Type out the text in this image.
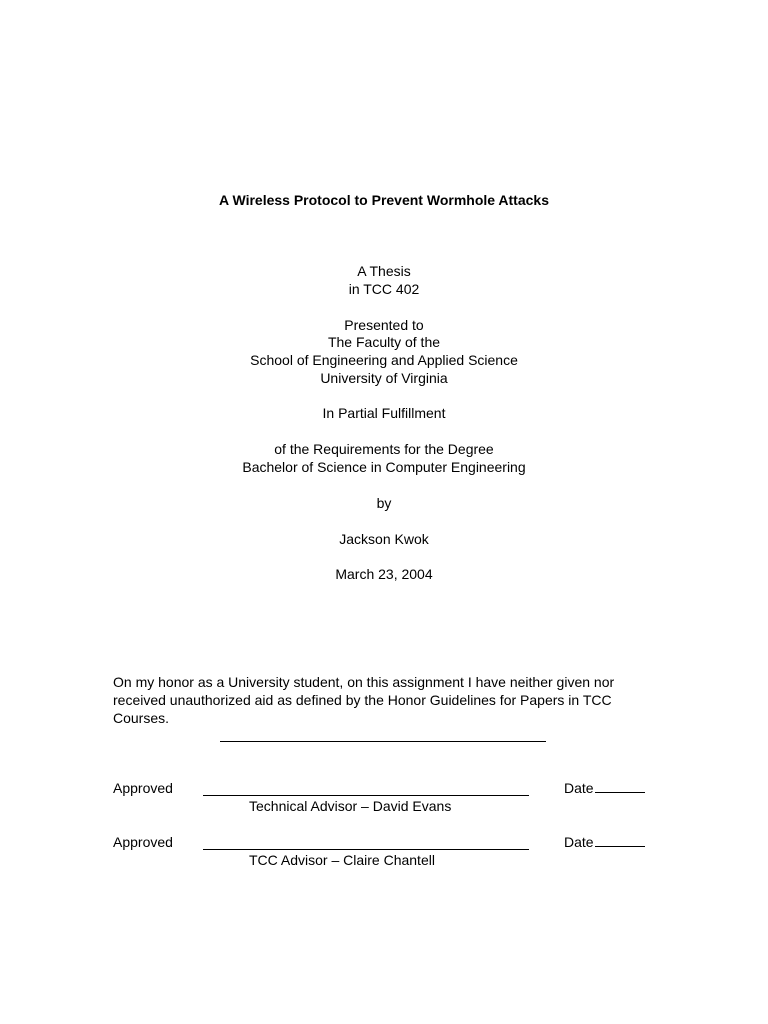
A Wireless Protocol to Prevent Wormhole Attacks
A Thesis
in TCC 402
Presented to
The Faculty of the
School of Engineering and Applied Science
University of Virginia
In Partial Fulfillment
of the Requirements for the Degree
Bachelor of Science in Computer Engineering
by
Jackson Kwok
March 23, 2004
On my honor as a University student, on this assignment I have neither given nor received unauthorized aid as defined by the Honor Guidelines for Papers in TCC Courses.
Approved	Date
Technical Advisor – David Evans
Approved	Date
TCC Advisor – Claire Chantell
